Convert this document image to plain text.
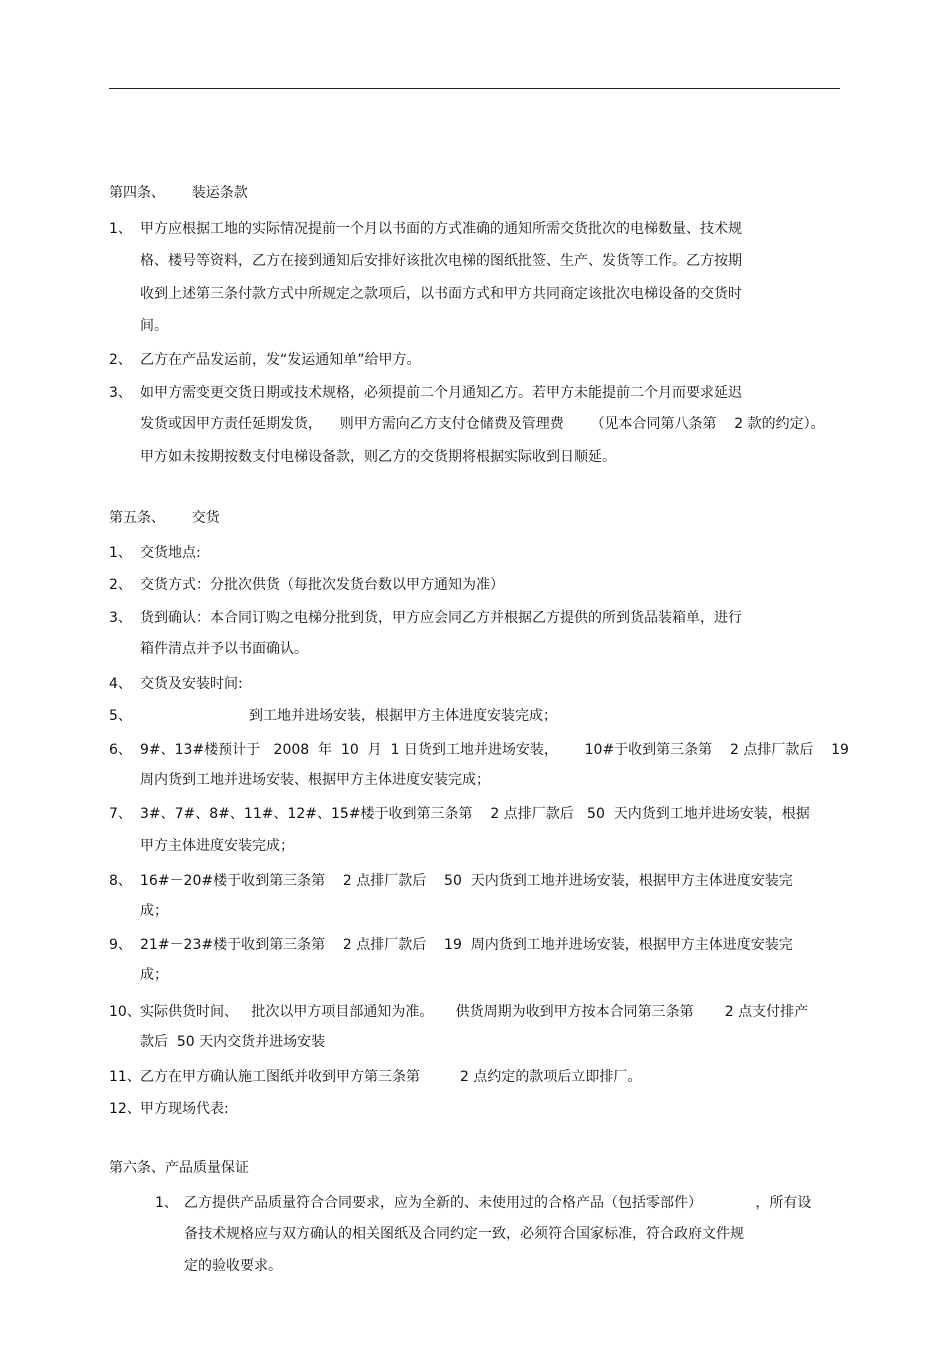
第四条、      装运条款
1、 甲方应根据工地的实际情况提前一个月以书面的方式准确的通知所需交货批次的电梯数量、技术规
格、楼号等资料，乙方在接到通知后安排好该批次电梯的图纸批签、生产、发货等工作。乙方按期
收到上述第三条付款方式中所规定之款项后，以书面方式和甲方共同商定该批次电梯设备的交货时
间。
2、 乙方在产品发运前，发“发运通知单”给甲方。
3、 如甲方需变更交货日期或技术规格，必须提前二个月通知乙方。若甲方未能提前二个月而要求延迟
发货或因甲方责任延期发货，    则甲方需向乙方支付仓储费及管理费      （见本合同第八条第    2 款的约定）。
甲方如未按期按数支付电梯设备款，则乙方的交货期将根据实际收到日顺延。
第五条、      交货
1、 交货地点:
2、 交货方式：分批次供货（每批次发货台数以甲方通知为准）
3、 货到确认：本合同订购之电梯分批到货，甲方应会同乙方并根据乙方提供的所到货品装箱单，进行
箱件清点并予以书面确认。
4、 交货及安装时间:
5、	到工地并进场安装，根据甲方主体进度安装完成；
6、 9#、13#楼预计于   2008  年  10  月  1 日货到工地并进场安装，      10#于收到第三条第    2 点排厂款后    19
周内货到工地并进场安装、根据甲方主体进度安装完成；
7、 3#、7#、8#、11#、12#、15#楼于收到第三条第    2 点排厂款后   50  天内货到工地并进场安装，根据
甲方主体进度安装完成；
8、 16#－20#楼于收到第三条第    2 点排厂款后    50  天内货到工地并进场安装，根据甲方主体进度安装完
成；
9、 21#－23#楼于收到第三条第    2 点排厂款后    19  周内货到工地并进场安装，根据甲方主体进度安装完
成；
10、 实际供货时间、   批次以甲方项目部通知为准。     供货周期为收到甲方按本合同第三条第       2 点支付排产
款后  50 天内交货并进场安装
11、 乙方在甲方确认施工图纸并收到甲方第三条第         2 点约定的款项后立即排厂。
12、 甲方现场代表:
第六条、产品质量保证
1、 乙方提供产品质量符合合同要求，应为全新的、未使用过的合格产品（包括零部件）            ，所有设
备技术规格应与双方确认的相关图纸及合同约定一致，必须符合国家标准，符合政府文件规
定的验收要求。
